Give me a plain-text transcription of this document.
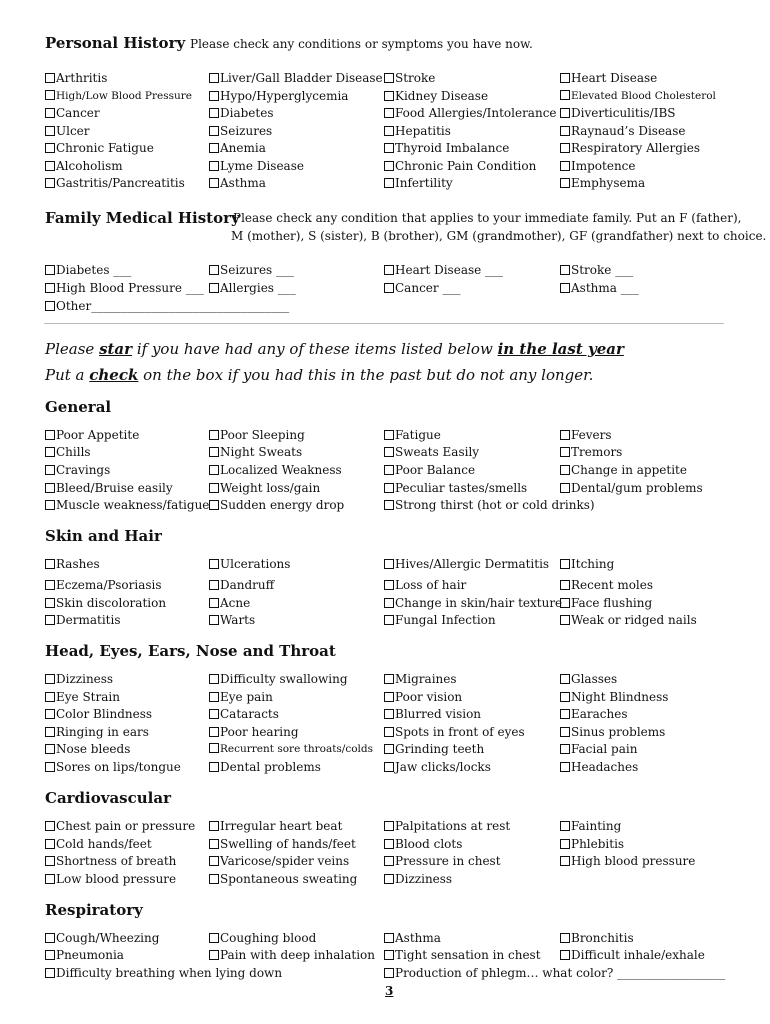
Personal History Please check any conditions or symptoms you have now.
Family Medical History
Please check any condition that applies to your immediate family. Put an F (father),
M (mother), S (sister), B (brother), GM (grandmother), GF (grandfather) next to choice.
Please star if you have had any of these items listed below in the last year
Put a check on the box if you had this in the past but do not any longer.
General
Skin and Hair
Head, Eyes, Ears, Nose and Throat
Cardiovascular
Respiratory
3
Arthritis
High/Low Blood Pressure
Cancer
Ulcer
Chronic Fatigue
Alcoholism
Gastritis/Pancreatitis
Liver/Gall Bladder Disease
Hypo/Hyperglycemia
Diabetes
Seizures
Anemia
Lyme Disease
Asthma
Stroke
Kidney Disease
Food Allergies/Intolerance
Hepatitis
Thyroid Imbalance
Chronic Pain Condition
Infertility
Heart Disease
Elevated Blood Cholesterol
Diverticulitis/IBS
Raynaud’s Disease
Respiratory Allergies
Impotence
Emphysema
Diabetes ___
High Blood Pressure ___
Other_________________________________
Seizures ___
Allergies ___
Heart Disease ___
Cancer ___
Stroke ___
Asthma ___
Poor Appetite
Chills
Cravings
Bleed/Bruise easily
Muscle weakness/fatigue
Poor Sleeping
Night Sweats
Localized Weakness
Weight loss/gain
Sudden energy drop
Fatigue
Sweats Easily
Poor Balance
Peculiar tastes/smells
Strong thirst (hot or cold drinks)
Fevers
Tremors
Change in appetite
Dental/gum problems
Rashes
Eczema/Psoriasis
Skin discoloration
Dermatitis
Ulcerations
Dandruff
Acne
Warts
Hives/Allergic Dermatitis
Loss of hair
Change in skin/hair texture
Fungal Infection
Itching
Recent moles
Face flushing
Weak or ridged nails
Dizziness
Eye Strain
Color Blindness
Ringing in ears
Nose bleeds
Sores on lips/tongue
Difficulty swallowing
Eye pain
Cataracts
Poor hearing
Recurrent sore throats/colds
Dental problems
Migraines
Poor vision
Blurred vision
Spots in front of eyes
Grinding teeth
Jaw clicks/locks
Glasses
Night Blindness
Earaches
Sinus problems
Facial pain
Headaches
Chest pain or pressure
Cold hands/feet
Shortness of breath
Low blood pressure
Irregular heart beat
Swelling of hands/feet
Varicose/spider veins
Spontaneous sweating
Palpitations at rest
Blood clots
Pressure in chest
Dizziness
Fainting
Phlebitis
High blood pressure
Cough/Wheezing
Pneumonia
Difficulty breathing when lying down
Coughing blood
Pain with deep inhalation
Asthma
Tight sensation in chest
Production of phlegm… what color? __________________
Bronchitis
Difficult inhale/exhale
